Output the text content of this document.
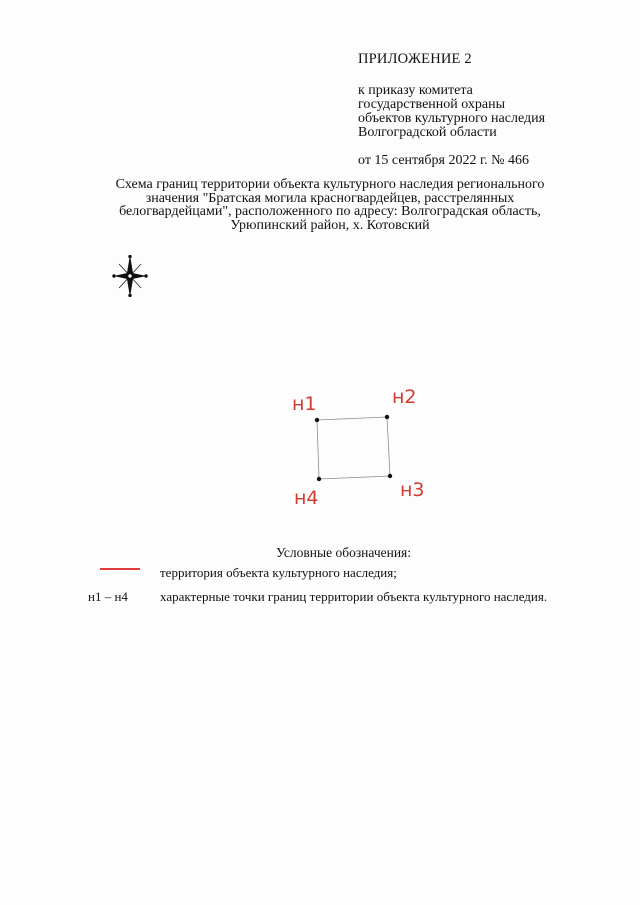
ПРИЛОЖЕНИЕ 2
к приказу комитета
государственной охраны
объектов культурного наследия
Волгоградской области
от 15 сентября 2022 г. № 466
Схема границ территории объекта культурного наследия регионального
значения "Братская могила красногвардейцев, расстрелянных
белогвардейцами", расположенного по адресу: Волгоградская область,
Урюпинский район, х. Котовский
н1	н2
н3
н4
Условные обозначения:
территория объекта культурного наследия;
н1 – н4 характерные точки границ территории объекта культурного наследия.
